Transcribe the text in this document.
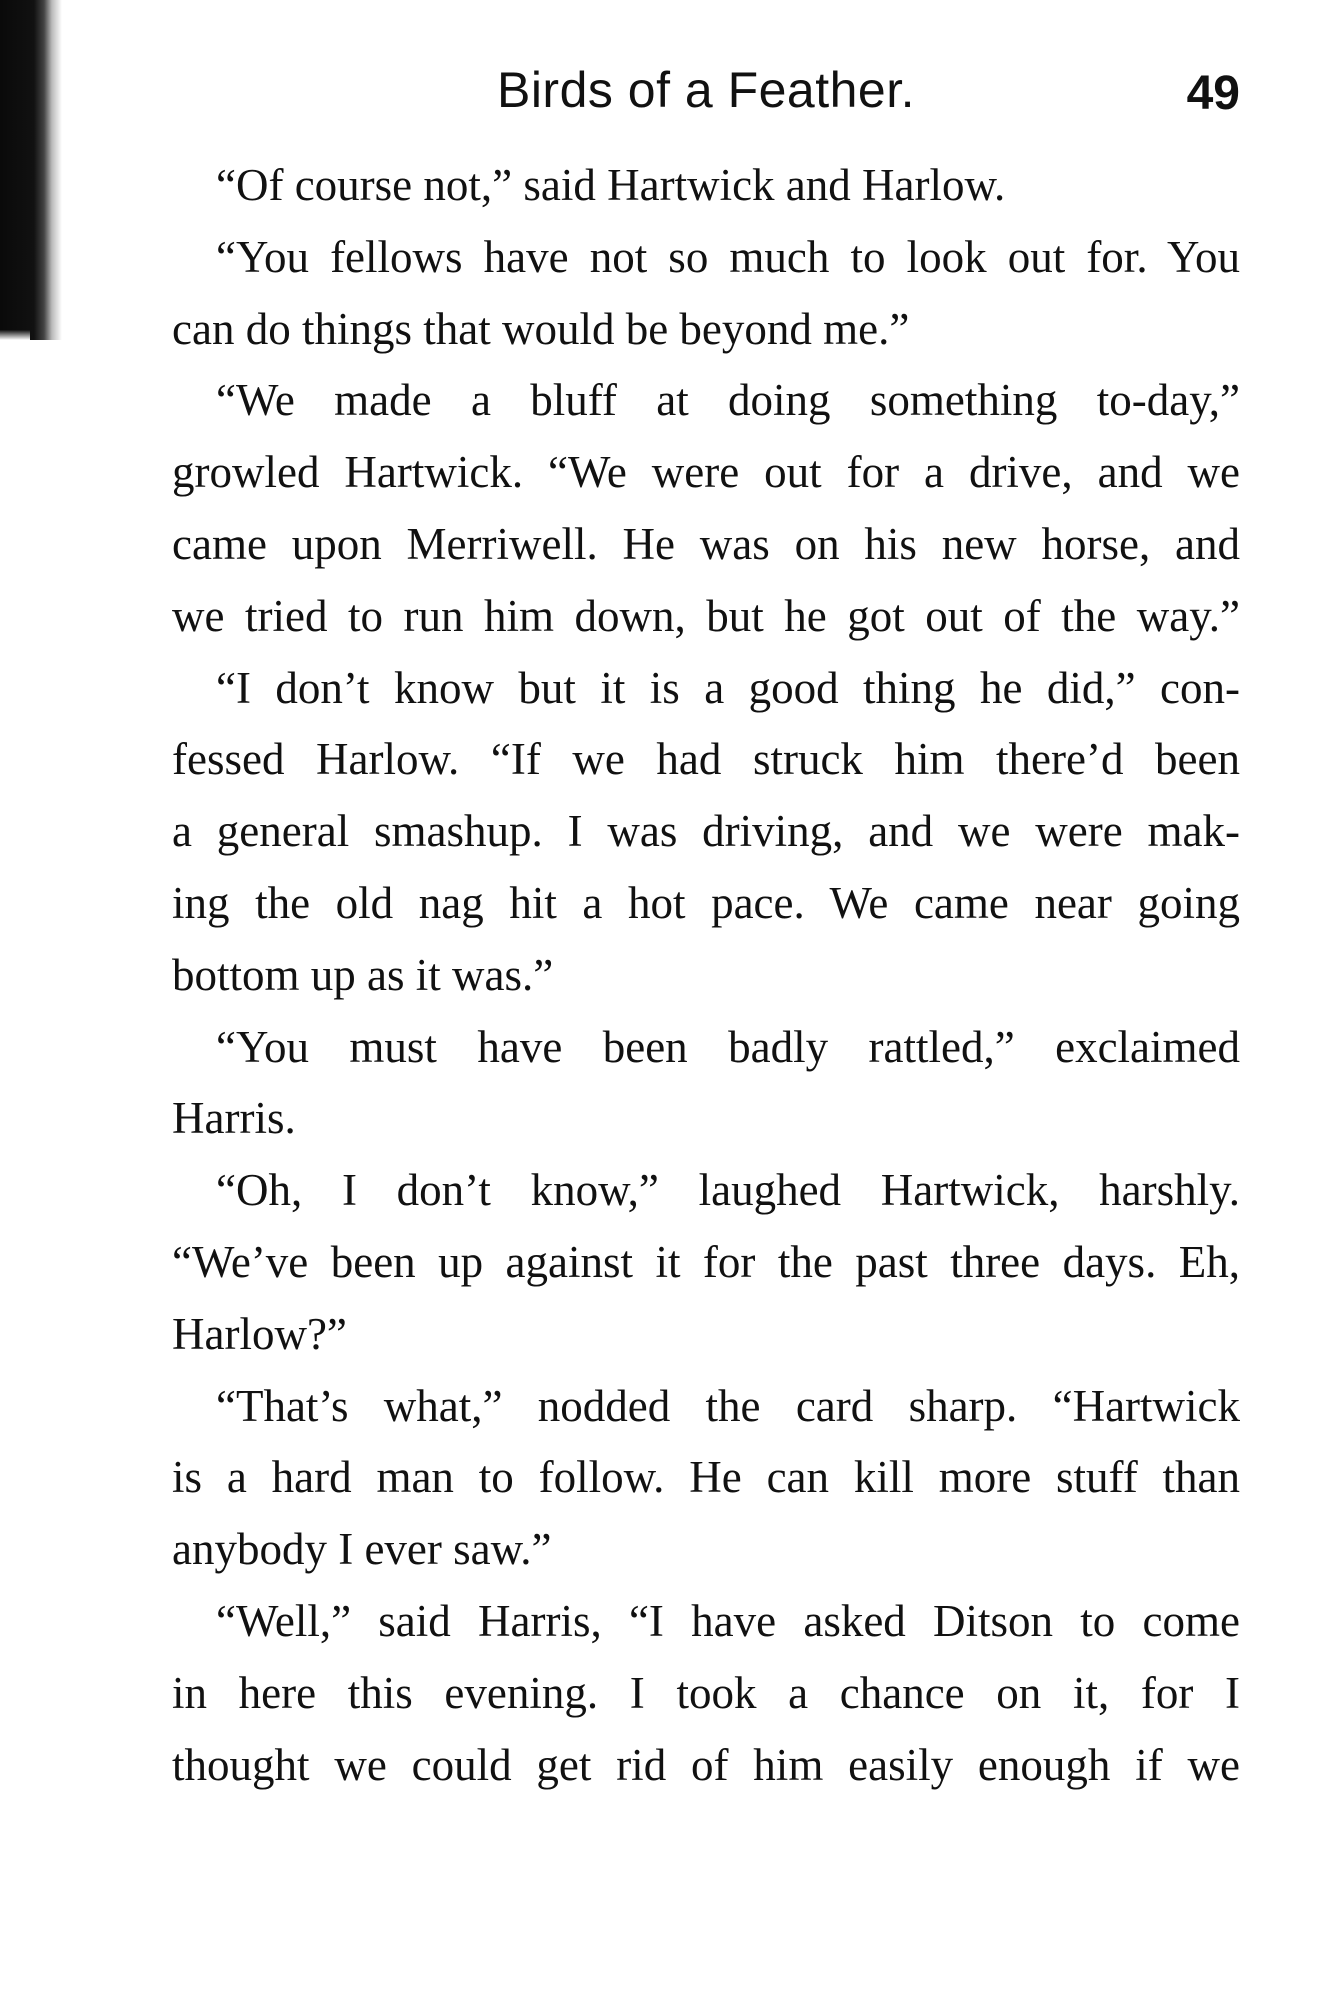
Birds of a Feather.	49

“Of course not,” said Hartwick and Harlow.

“You fellows have not so much to look out for. You
can do things that would be beyond me.”

“We made a bluff at doing something to-day,”
growled Hartwick. “We were out for a drive, and we
came upon Merriwell. He was on his new horse, and
we tried to run him down, but he got out of the way.”

“I don’t know but it is a good thing he did,” con-
fessed Harlow. “If we had struck him there’d been
a general smashup. I was driving, and we were mak-
ing the old nag hit a hot pace. We came near going
bottom up as it was.”

“You must have been badly rattled,” exclaimed
Harris.

“Oh, I don’t know,” laughed Hartwick, harshly.
“We’ve been up against it for the past three days. Eh,
Harlow?”

“That’s what,” nodded the card sharp. “Hartwick
is a hard man to follow. He can kill more stuff than
anybody I ever saw.”

“Well,” said Harris, “I have asked Ditson to come
in here this evening. I took a chance on it, for I
thought we could get rid of him easily enough if we
